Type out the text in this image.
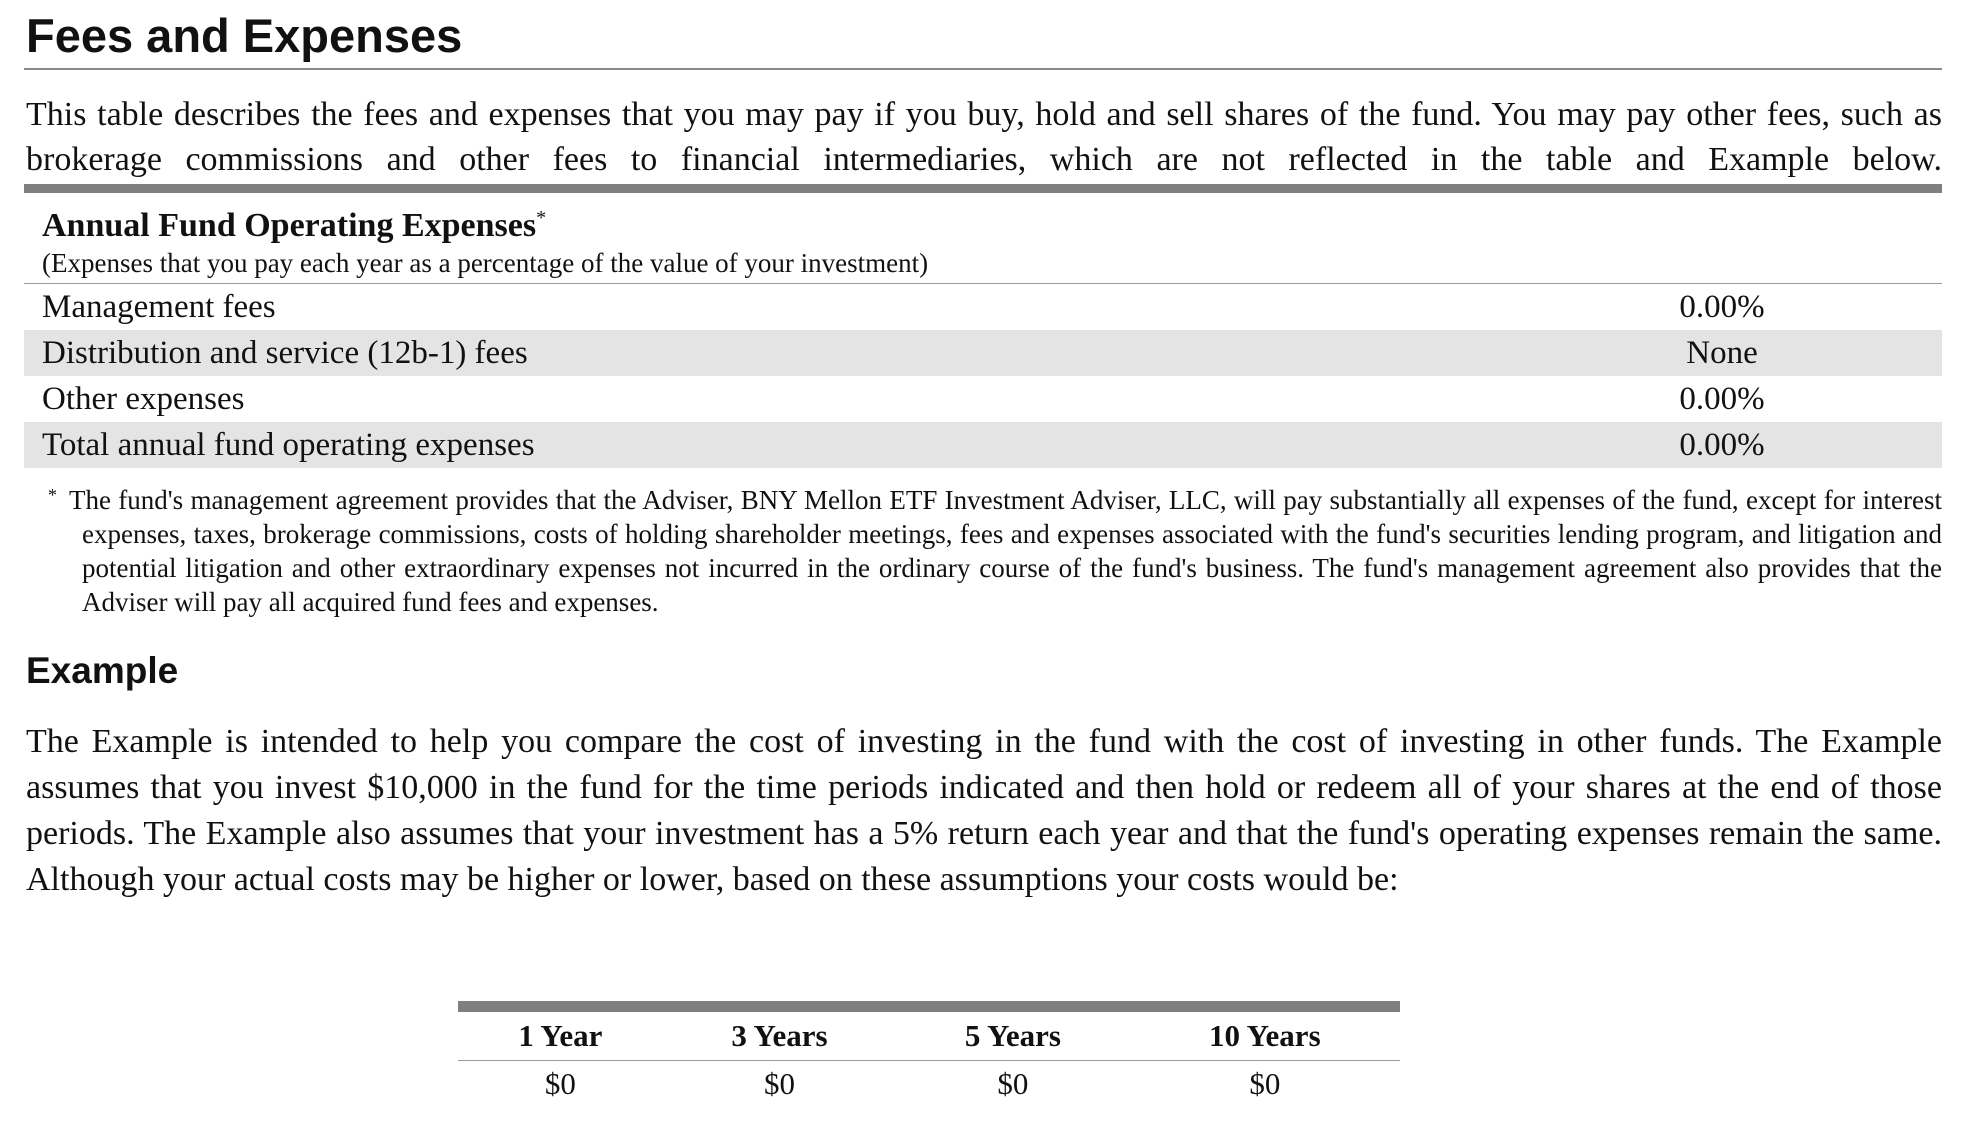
Fees and Expenses
This table describes the fees and expenses that you may pay if you buy, hold and sell shares of the fund. You may pay other fees, such as brokerage commissions and other fees to financial intermediaries, which are not reflected in the table and Example below.
Annual Fund Operating Expenses*
(Expenses that you pay each year as a percentage of the value of your investment)	

Management fees	0.00%
Distribution and service (12b-1) fees	None
Other expenses	0.00%
Total annual fund operating expenses	0.00%
* The fund's management agreement provides that the Adviser, BNY Mellon ETF Investment Adviser, LLC, will pay substantially all expenses of the fund, except for interest expenses, taxes, brokerage commissions, costs of holding shareholder meetings, fees and expenses associated with the fund's securities lending program, and litigation and potential litigation and other extraordinary expenses not incurred in the ordinary course of the fund's business. The fund's management agreement also provides that the Adviser will pay all acquired fund fees and expenses.
Example
The Example is intended to help you compare the cost of investing in the fund with the cost of investing in other funds. The Example assumes that you invest $10,000 in the fund for the time periods indicated and then hold or redeem all of your shares at the end of those periods. The Example also assumes that your investment has a 5% return each year and that the fund's operating expenses remain the same. Although your actual costs may be higher or lower, based on these assumptions your costs would be:
1 Year	3 Years	5 Years	10 Years
$0	$0	$0	$0
